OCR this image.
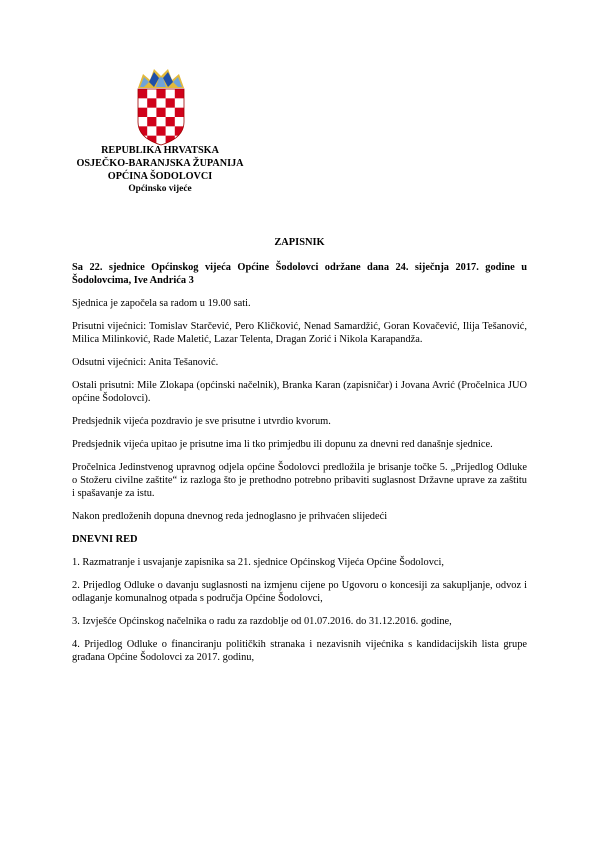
REPUBLIKA HRVATSKA
OSJEČKO-BARANJSKA ŽUPANIJA
OPĆINA ŠODOLOVCI
Općinsko vijeće
ZAPISNIK

Sa 22. sjednice Općinskog vijeća Općine Šodolovci održane dana 24. siječnja 2017. godine u Šodolovcima, Ive Andrića 3

Sjednica je započela sa radom u 19.00 sati.

Prisutni vijećnici: Tomislav Starčević, Pero Kličković, Nenad Samardžić, Goran Kovačević, Ilija Tešanović, Milica Milinković, Rade Maletić, Lazar Telenta, Dragan Zorić i Nikola Karapandža.

Odsutni vijećnici: Anita Tešanović.

Ostali prisutni: Mile Zlokapa (općinski načelnik), Branka Karan (zapisničar) i Jovana Avrić (Pročelnica JUO općine Šodolovci).

Predsjednik vijeća pozdravio je sve prisutne i utvrdio kvorum.

Predsjednik vijeća upitao je prisutne ima li tko primjedbu ili dopunu za dnevni red današnje sjednice.

Pročelnica Jedinstvenog upravnog odjela općine Šodolovci predložila je brisanje točke 5. „Prijedlog Odluke o Stožeru civilne zaštite“ iz razloga što je prethodno potrebno pribaviti suglasnost Državne uprave za zaštitu i spašavanje za istu.

Nakon predloženih dopuna dnevnog reda jednoglasno je prihvaćen slijedeći

DNEVNI RED

1. Razmatranje i usvajanje zapisnika sa 21. sjednice Općinskog Vijeća Općine Šodolovci,
2. Prijedlog Odluke o davanju suglasnosti na izmjenu cijene po Ugovoru o koncesiji za sakupljanje, odvoz i odlaganje komunalnog otpada s područja Općine Šodolovci,
3. Izvješće Općinskog načelnika o radu za razdoblje od 01.07.2016. do 31.12.2016. godine,
4. Prijedlog Odluke o financiranju političkih stranaka i nezavisnih vijećnika s kandidacijskih lista grupe građana Općine Šodolovci za 2017. godinu,
